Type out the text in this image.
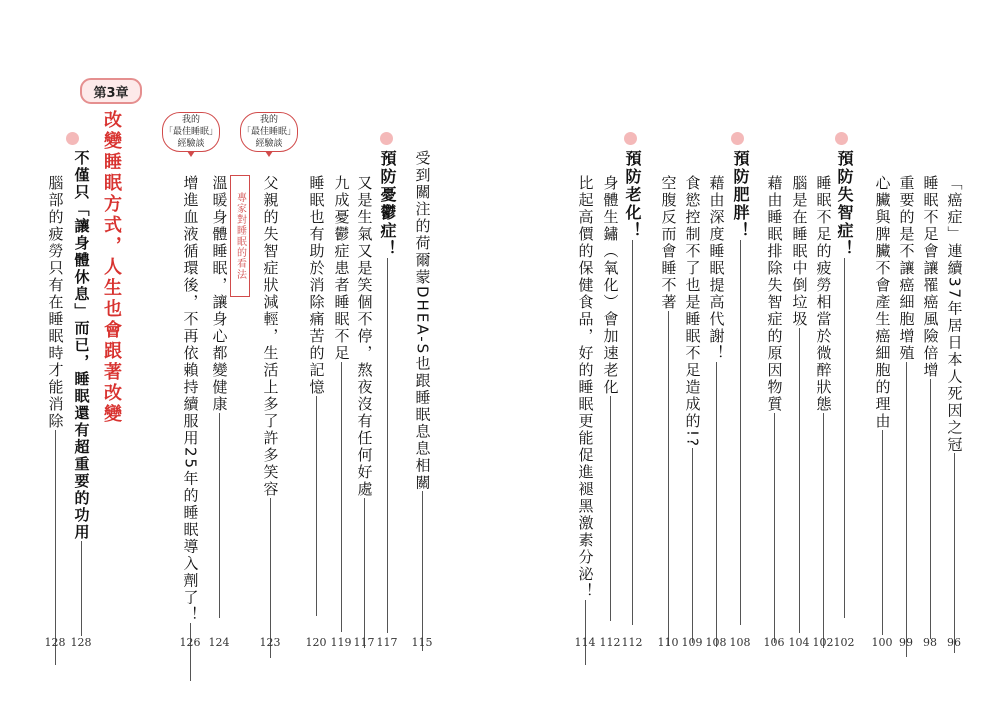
第3章
改變睡眠方式，人生也會跟著改變
腦部的疲勞只有在睡眠時才能消除
128
不僅只「讓身體休息」而已，睡眠還有超重要的功用
128
我的
「最佳睡眠」
經驗談
我的
「最佳睡眠」
經驗談
增進血液循環後，不再依賴持續服用25年的睡眠導入劑了！
126
溫暖身體睡眠，讓身心都變健康
124
專家對睡眠的看法	父親的失智症狀減輕，生活上多了許多笑容
123
睡眠也有助於消除痛苦的記憶
120
九成憂鬱症患者睡眠不足
119
又是生氣又是笑個不停，熬夜沒有任何好處
117
預防憂鬱症！
117
受到關注的荷爾蒙DHEA-S也跟睡眠息息相關
115
比起高價的保健食品，好的睡眠更能促進褪黑激素分泌！
114
身體生鏽（氧化）會加速老化
112
預防老化！
112
空腹反而會睡不著
110
食慾控制不了也是睡眠不足造成的!?
109
藉由深度睡眠提高代謝！
108
預防肥胖！
108
藉由睡眠排除失智症的原因物質
106
腦是在睡眠中倒垃圾
104
睡眠不足的疲勞相當於微醉狀態
102
預防失智症！
102
心臟與脾臟不會產生癌細胞的理由
100
重要的是不讓癌細胞增殖
99
睡眠不足會讓罹癌風險倍增
98
「癌症」連續37年居日本人死因之冠
96
